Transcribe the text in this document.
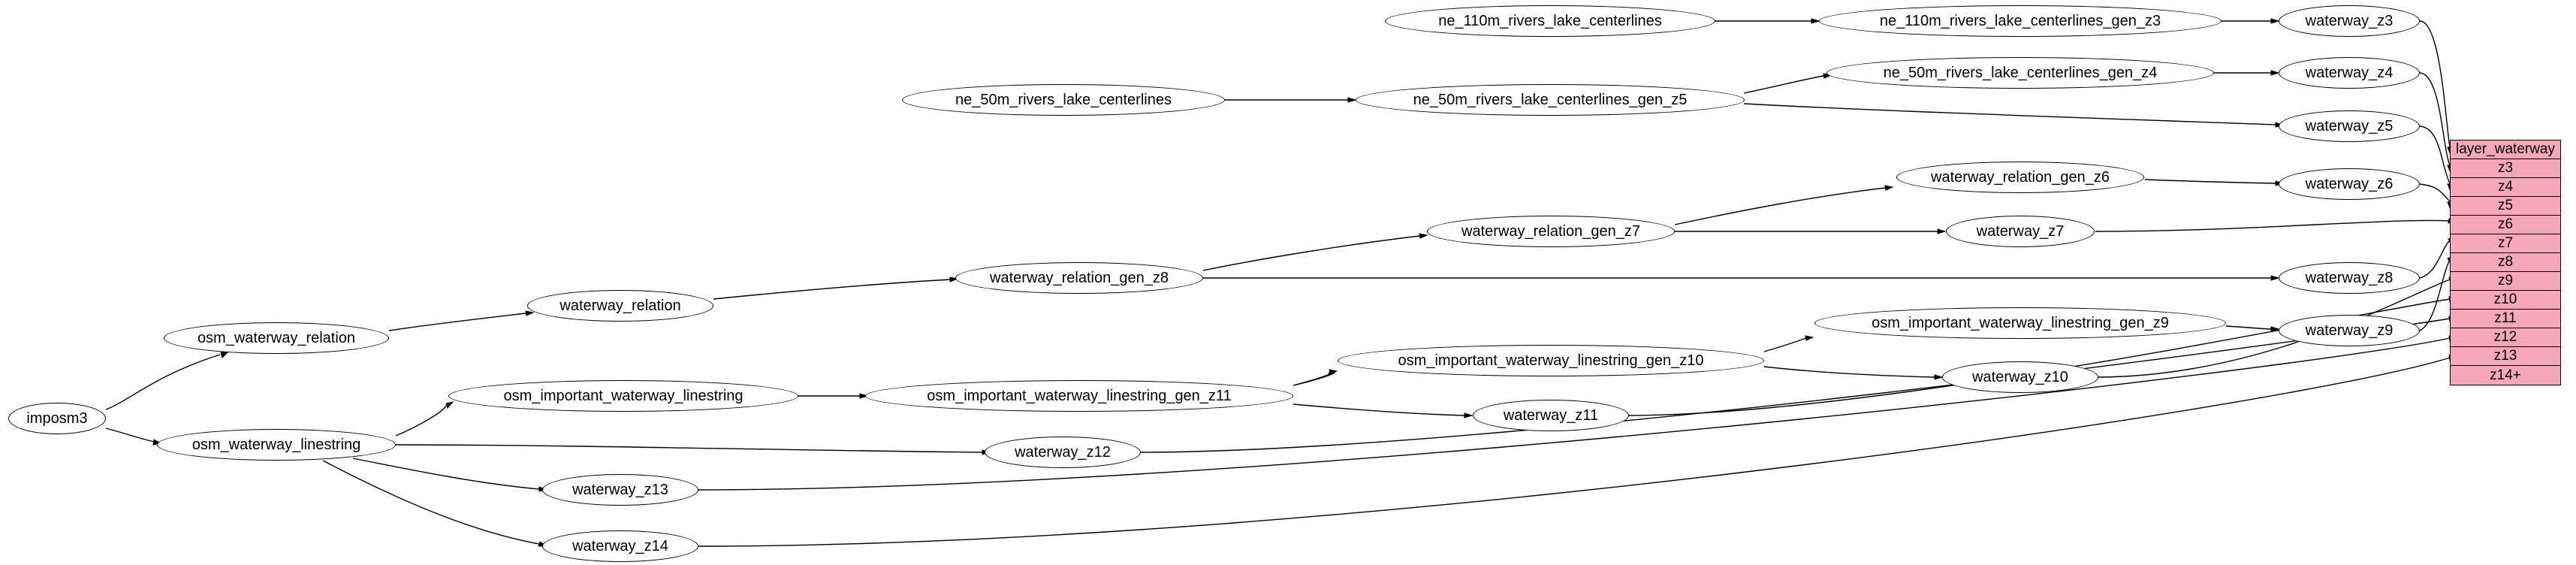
imposm3
osm_waterway_relation
osm_waterway_linestring
waterway_relation
osm_important_waterway_linestring
waterway_z13
waterway_z14
waterway_relation_gen_z8
osm_important_waterway_linestring_gen_z11
waterway_z12
ne_110m_rivers_lake_centerlines
ne_50m_rivers_lake_centerlines	ne_50m_rivers_lake_centerlines_gen_z5
ne_110m_rivers_lake_centerlines_gen_z3
ne_50m_rivers_lake_centerlines_gen_z4
waterway_relation_gen_z7
waterway_relation_gen_z6
waterway_z7
osm_important_waterway_linestring_gen_z10
waterway_z11
osm_important_waterway_linestring_gen_z9
waterway_z10
waterway_z3
waterway_z4
waterway_z5
waterway_z6
waterway_z8
waterway_z9
layer_waterway
z3
z4
z5
z6
z7
z8
z9
z10
z11
z12
z13
z14+
